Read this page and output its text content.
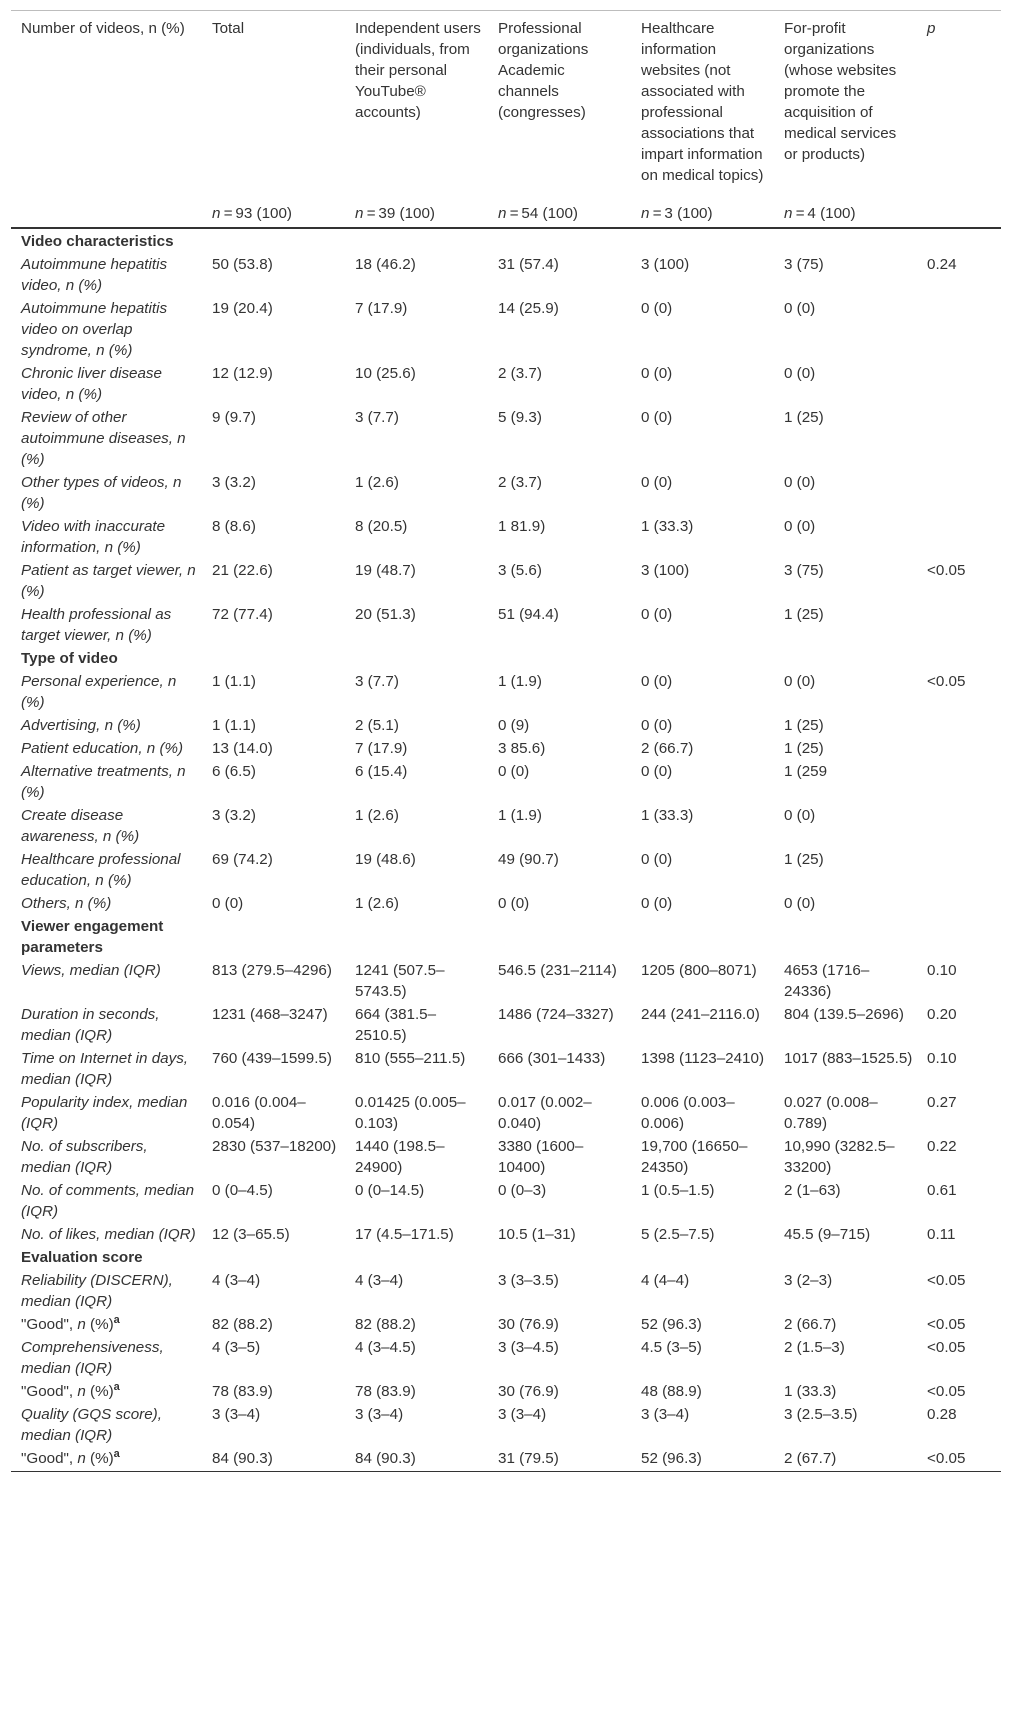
Number of videos, n (%)	Total	Independent users (individuals, from their personal YouTube® accounts)	Professional organizations Academic channels (congresses)	Healthcare information websites (not associated with professional associations that impart information on medical topics)	For-profit organizations (whose websites promote the acquisition of medical services or products)	p
	n = 93 (100)	n = 39 (100)	n = 54 (100)	n = 3 (100)	n = 4 (100)	
Video characteristics						
Autoimmune hepatitis video, n (%)	50 (53.8)	18 (46.2)	31 (57.4)	3 (100)	3 (75)	0.24
Autoimmune hepatitis video on overlap syndrome, n (%)	19 (20.4)	7 (17.9)	14 (25.9)	0 (0)	0 (0)	
Chronic liver disease video, n (%)	12 (12.9)	10 (25.6)	2 (3.7)	0 (0)	0 (0)	
Review of other autoimmune diseases, n (%)	9 (9.7)	3 (7.7)	5 (9.3)	0 (0)	1 (25)	
Other types of videos, n (%)	3 (3.2)	1 (2.6)	2 (3.7)	0 (0)	0 (0)	
Video with inaccurate information, n (%)	8 (8.6)	8 (20.5)	1 81.9)	1 (33.3)	0 (0)	
Patient as target viewer, n (%)	21 (22.6)	19 (48.7)	3 (5.6)	3 (100)	3 (75)	<0.05
Health professional as target viewer, n (%)	72 (77.4)	20 (51.3)	51 (94.4)	0 (0)	1 (25)	
Type of video						
Personal experience, n (%)	1 (1.1)	3 (7.7)	1 (1.9)	0 (0)	0 (0)	<0.05
Advertising, n (%)	1 (1.1)	2 (5.1)	0 (9)	0 (0)	1 (25)	
Patient education, n (%)	13 (14.0)	7 (17.9)	3 85.6)	2 (66.7)	1 (25)	
Alternative treatments, n (%)	6 (6.5)	6 (15.4)	0 (0)	0 (0)	1 (259	
Create disease awareness, n (%)	3 (3.2)	1 (2.6)	1 (1.9)	1 (33.3)	0 (0)	
Healthcare professional education, n (%)	69 (74.2)	19 (48.6)	49 (90.7)	0 (0)	1 (25)	
Others, n (%)	0 (0)	1 (2.6)	0 (0)	0 (0)	0 (0)	
Viewer engagement parameters						
Views, median (IQR)	813 (279.5–4296)	1241 (507.5–5743.5)	546.5 (231–2114)	1205 (800–8071)	4653 (1716–24336)	0.10
Duration in seconds, median (IQR)	1231 (468–3247)	664 (381.5–2510.5)	1486 (724–3327)	244 (241–2116.0)	804 (139.5–2696)	0.20
Time on Internet in days, median (IQR)	760 (439–1599.5)	810 (555–211.5)	666 (301–1433)	1398 (1123–2410)	1017 (883–1525.5)	0.10
Popularity index, median (IQR)	0.016 (0.004–0.054)	0.01425 (0.005–0.103)	0.017 (0.002–0.040)	0.006 (0.003–0.006)	0.027 (0.008–0.789)	0.27
No. of subscribers, median (IQR)	2830 (537–18200)	1440 (198.5–24900)	3380 (1600–10400)	19,700 (16650–24350)	10,990 (3282.5–33200)	0.22
No. of comments, median (IQR)	0 (0–4.5)	0 (0–14.5)	0 (0–3)	1 (0.5–1.5)	2 (1–63)	0.61
No. of likes, median (IQR)	12 (3–65.5)	17 (4.5–171.5)	10.5 (1–31)	5 (2.5–7.5)	45.5 (9–715)	0.11
Evaluation score						
Reliability (DISCERN), median (IQR)	4 (3–4)	4 (3–4)	3 (3–3.5)	4 (4–4)	3 (2–3)	<0.05
"Good", n (%)$^a$	82 (88.2)	82 (88.2)	30 (76.9)	52 (96.3)	2 (66.7)	<0.05
Comprehensiveness, median (IQR)	4 (3–5)	4 (3–4.5)	3 (3–4.5)	4.5 (3–5)	2 (1.5–3)	<0.05
"Good", n (%)$^a$	78 (83.9)	78 (83.9)	30 (76.9)	48 (88.9)	1 (33.3)	<0.05
Quality (GQS score), median (IQR)	3 (3–4)	3 (3–4)	3 (3–4)	3 (3–4)	3 (2.5–3.5)	0.28
"Good", n (%)$^a$	84 (90.3)	84 (90.3)	31 (79.5)	52 (96.3)	2 (67.7)	<0.05
